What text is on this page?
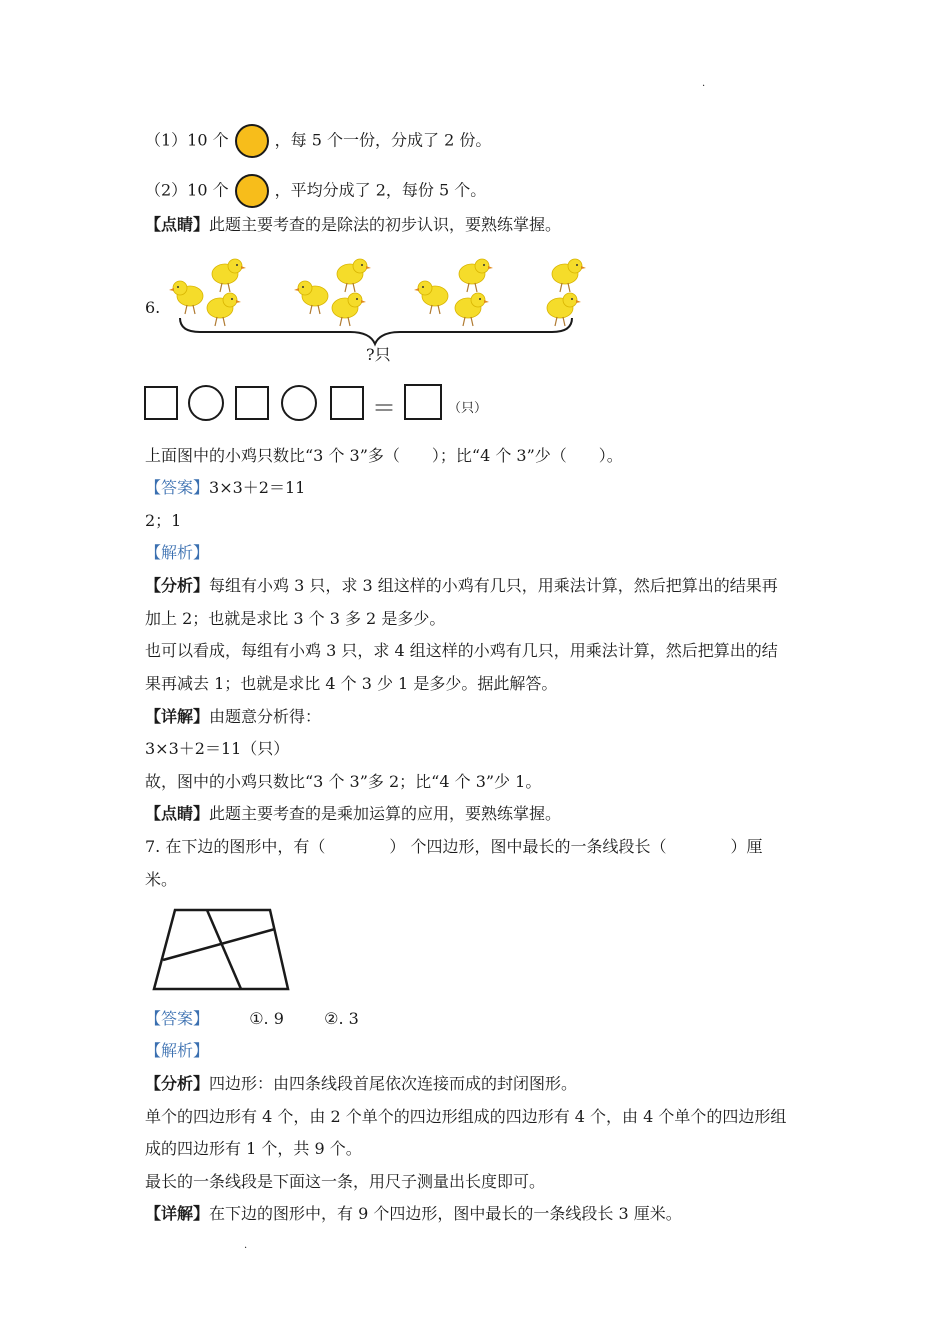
.
（1）10 个	，每 5 个一份，分成了 2 份。
（2）10 个	，平均分成了 2，每份 5 个。
【点睛】此题主要考查的是除法的初步认识，要熟练掌握。
6.
?只
＝	（只）
上面图中的小鸡只数比“3 个 3”多（　　）；比“4 个 3”少（　　）。
【答案】3×3＋2＝11
2；1
【解析】
【分析】每组有小鸡 3 只，求 3 组这样的小鸡有几只，用乘法计算，然后把算出的结果再
加上 2；也就是求比 3 个 3 多 2 是多少。
也可以看成，每组有小鸡 3 只，求 4 组这样的小鸡有几只，用乘法计算，然后把算出的结
果再减去 1；也就是求比 4 个 3 少 1 是多少。据此解答。
【详解】由题意分析得：
3×3＋2＝11（只）
故，图中的小鸡只数比“3 个 3”多 2；比“4 个 3”少 1。
【点睛】此题主要考查的是乘加运算的应用，要熟练掌握。
7. 在下边的图形中，有（　　　　） 个四边形，图中最长的一条线段长（　　　　）厘
米。
【答案】	①. 9	②. 3
【解析】
【分析】四边形：由四条线段首尾依次连接而成的封闭图形。
单个的四边形有 4 个，由 2 个单个的四边形组成的四边形有 4 个，由 4 个单个的四边形组
成的四边形有 1 个，共 9 个。
最长的一条线段是下面这一条，用尺子测量出长度即可。
【详解】在下边的图形中，有 9 个四边形，图中最长的一条线段长 3 厘米。
.
